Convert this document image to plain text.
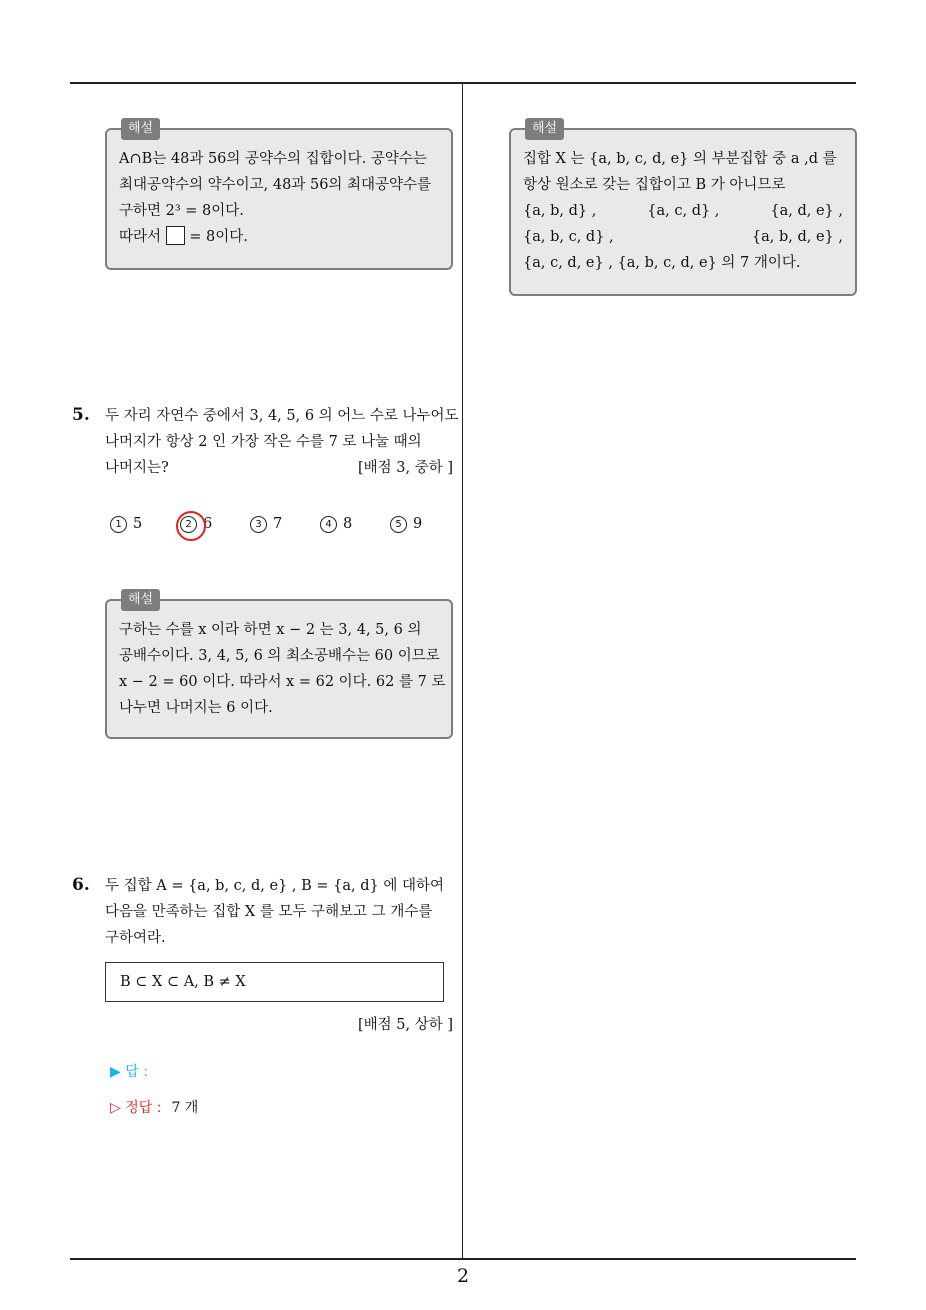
해설
A∩B는 48과 56의 공약수의 집합이다. 공약수는
최대공약수의 약수이고, 48과 56의 최대공약수를
구하면 2³ = 8이다.
따라서 = 8이다.
5. 두 자리 자연수 중에서 3, 4, 5, 6 의 어느 수로 나누어도
나머지가 항상 2 인 가장 작은 수를 7 로 나눌 때의
나머지는?	[배점 3, 중하 ]
1 5	2 6	3 7	4 8	5 9
해설
구하는 수를 x 이라 하면 x − 2 는 3, 4, 5, 6 의
공배수이다. 3, 4, 5, 6 의 최소공배수는 60 이므로
x − 2 = 60 이다. 따라서 x = 62 이다. 62 를 7 로
나누면 나머지는 6 이다.
6. 두 집합 A = {a, b, c, d, e} , B = {a, d} 에 대하여
다음을 만족하는 집합 X 를 모두 구해보고 그 개수를
구하여라.
B ⊂ X ⊂ A, B ≠ X
[배점 5, 상하 ]
▶ 답 :
▷ 정답 : 7 개
해설
집합 X 는 {a, b, c, d, e} 의 부분집합 중 a ,d 를
항상 원소로 갖는 집합이고 B 가 아니므로
{a, b, d} ,	{a, c, d} ,	{a, d, e} ,
{a, b, c, d} ,	{a, b, d, e} ,
{a, c, d, e} , {a, b, c, d, e} 의 7 개이다.
2
